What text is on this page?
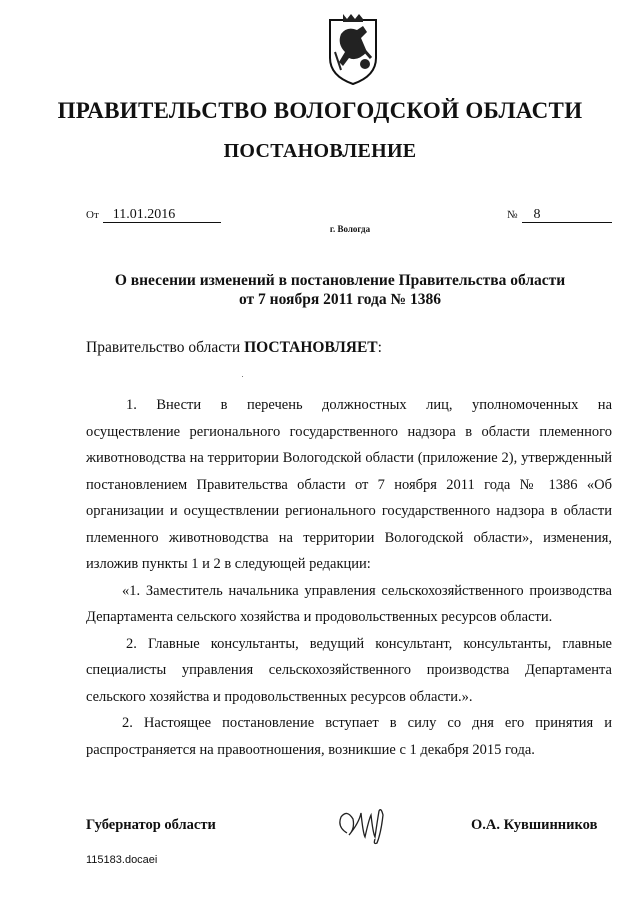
ПРАВИТЕЛЬСТВО ВОЛОГОДСКОЙ ОБЛАСТИ
ПОСТАНОВЛЕНИЕ
От 11.01.2016	№ 8
г. Вологда
О внесении изменений в постановление Правительства области
от 7 ноября 2011 года № 1386
Правительство области ПОСТАНОВЛЯЕТ:

1. Внести в перечень должностных лиц, уполномоченных на

осуществление регионального государственного надзора в области племенного животноводства на территории Вологодской области (приложение 2), утвержденный постановлением Правительства области от 7 ноября 2011 года № 1386 «Об организации и осуществлении регионального государственного надзора в области племенного животноводства на территории Вологодской области», изменения, изложив пункты 1 и 2 в следующей редакции:

«1. Заместитель начальника управления сельскохозяйственного производства Департамента сельского хозяйства и продовольственных ресурсов области.

2. Главные консультанты, ведущий консультант, консультанты, главные специалисты управления сельскохозяйственного производства Департамента сельского хозяйства и продовольственных ресурсов области.».

2. Настоящее постановление вступает в силу со дня его принятия и распространяется на правоотношения, возникшие с 1 декабря 2015 года.

Губернатор области	О.А. Кувшинников
115183.docaei
